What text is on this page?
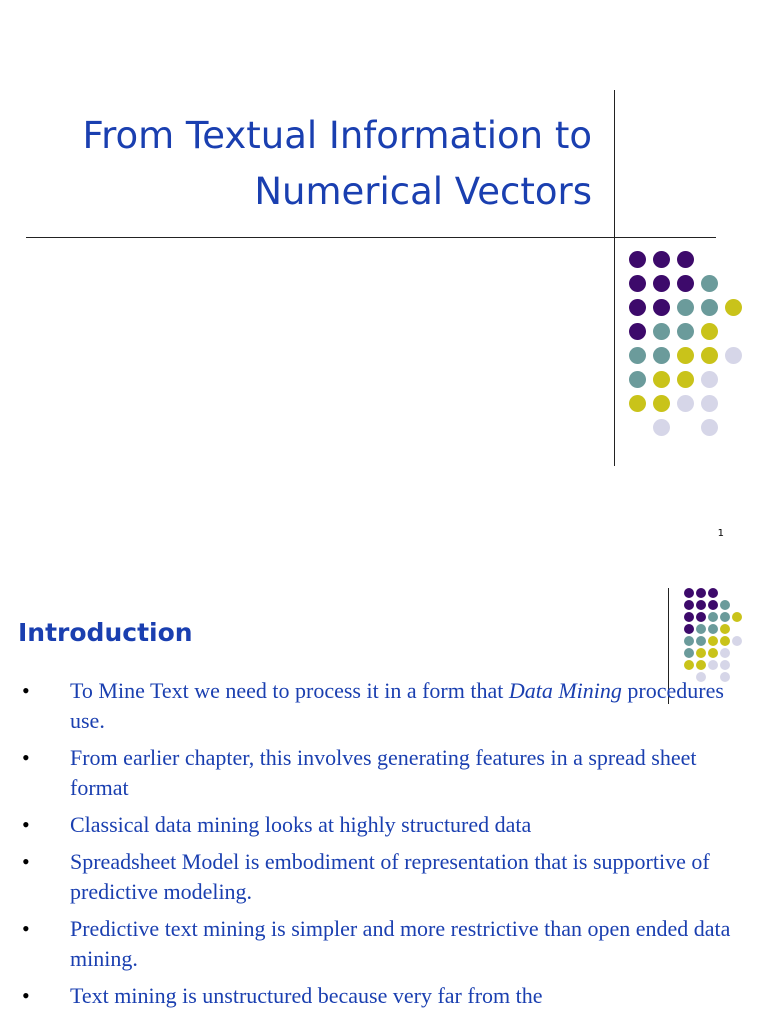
From Textual Information to
Numerical Vectors
1
Introduction
• To Mine Text we need to process it in a form that Data Mining procedures use.
• From earlier chapter, this involves generating features in a spread sheet format
• Classical data mining looks at highly structured data
• Spreadsheet Model is embodiment of representation that is supportive of predictive modeling.
• Predictive text mining is simpler and more restrictive than open ended data mining.
• Text mining is unstructured because very far from the
